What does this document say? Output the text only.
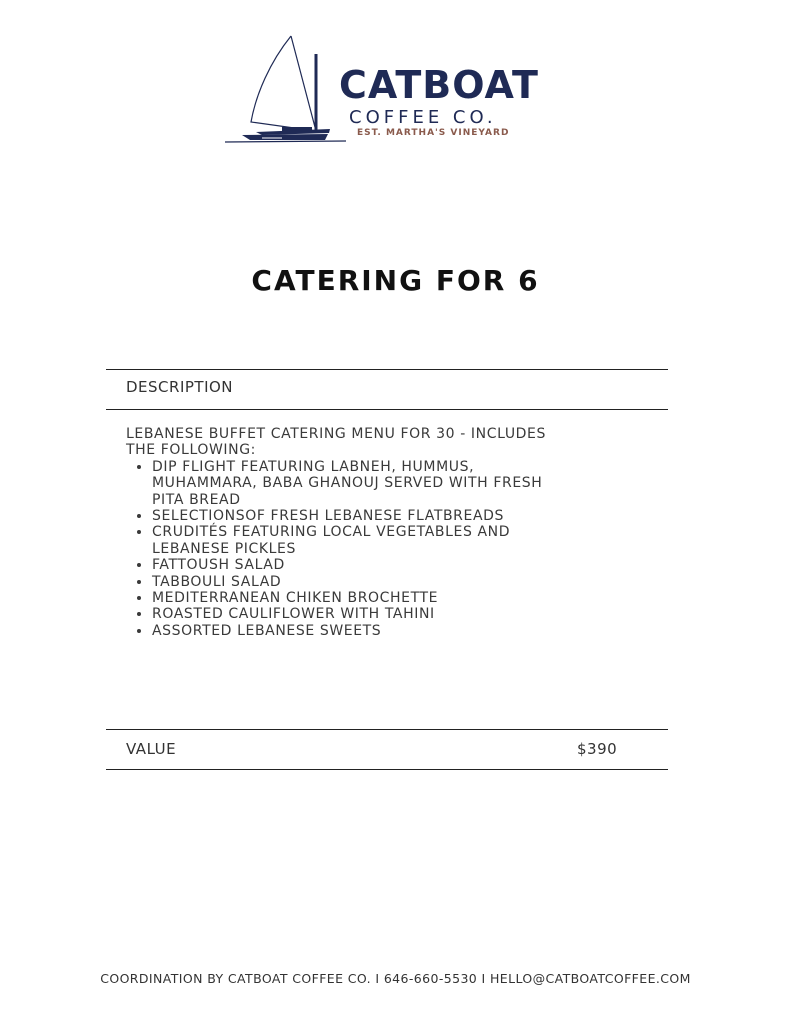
CATBOAT
COFFEE CO.
EST. MARTHA'S VINEYARD
CATERING FOR 6
DESCRIPTION

LEBANESE BUFFET CATERING MENU FOR 30 - INCLUDES THE FOLLOWING:

• DIP FLIGHT FEATURING LABNEH, HUMMUS, MUHAMMARA, BABA GHANOUJ SERVED WITH FRESH PITA BREAD
• SELECTIONSOF FRESH LEBANESE FLATBREADS
• CRUDITÉS FEATURING LOCAL VEGETABLES AND LEBANESE PICKLES
• FATTOUSH SALAD
• TABBOULI SALAD
• MEDITERRANEAN CHIKEN BROCHETTE
• ROASTED CAULIFLOWER WITH TAHINI
• ASSORTED LEBANESE SWEETS
VALUE	$390
COORDINATION BY CATBOAT COFFEE CO. I 646-660-5530 I HELLO@CATBOATCOFFEE.COM
